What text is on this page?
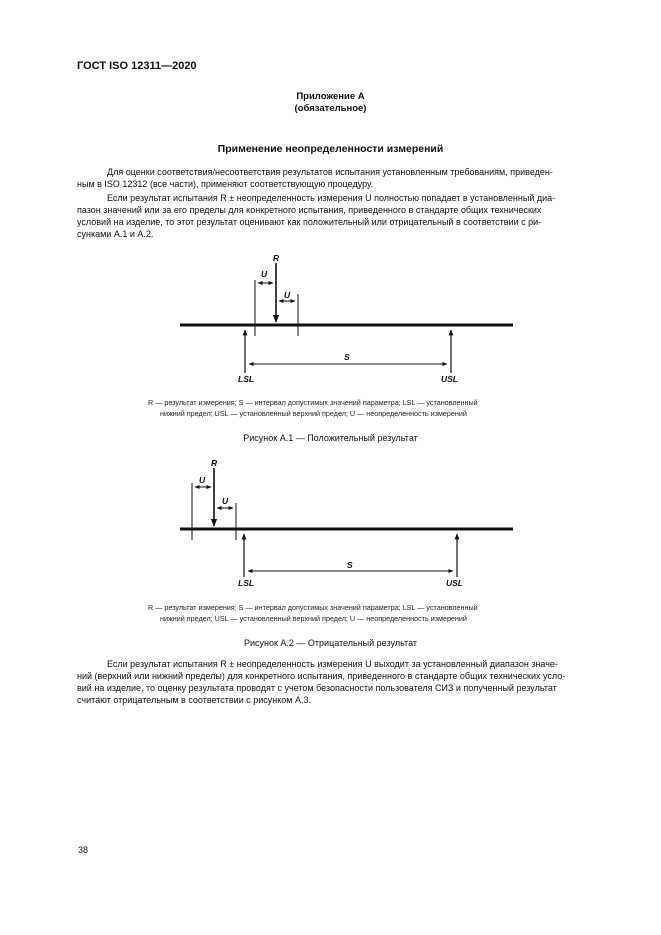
ГОСТ ISO 12311—2020
Приложение А
(обязательное)
Применение неопределенности измерений
Для оценки соответствия/несоответствия результатов испытания установленным требованиям, приведен-
ным в ISO 12312 (все части), применяют соответствующую процедуру.
Если результат испытания R ± неопределенность измерения U полностью попадает в установленный диа-
пазон значений или за его пределы для конкретного испытания, приведенного в стандарте общих технических
условий на изделие, то этот результат оценивают как положительный или отрицательный в соответствии с ри-
сунками А.1 и А.2.
S
LSL	USL
R
U
U
R — результат измерения; S — интервал допустимых значений параметра; LSL — установленный
нижний предел; USL — установленный верхний предел; U — неопределенность измерений
Рисунок А.1 — Положительный результат
S
LSL	USL
R
U
U
R — результат измерения; S — интервал допустимых значений параметра; LSL — установленный
нижний предел; USL — установленный верхний предел; U — неопределенность измерений
Рисунок А.2 — Отрицательный результат
Если результат испытания R ± неопределенность измерения U выходит за установленный диапазон значе-
ний (верхний или нижний пределы) для конкретного испытания, приведенного в стандарте общих технических усло-
вий на изделие, то оценку результата проводят с учетом безопасности пользователя СИЗ и полученный результат
считают отрицательным в соответствии с рисунком А.3.
38
